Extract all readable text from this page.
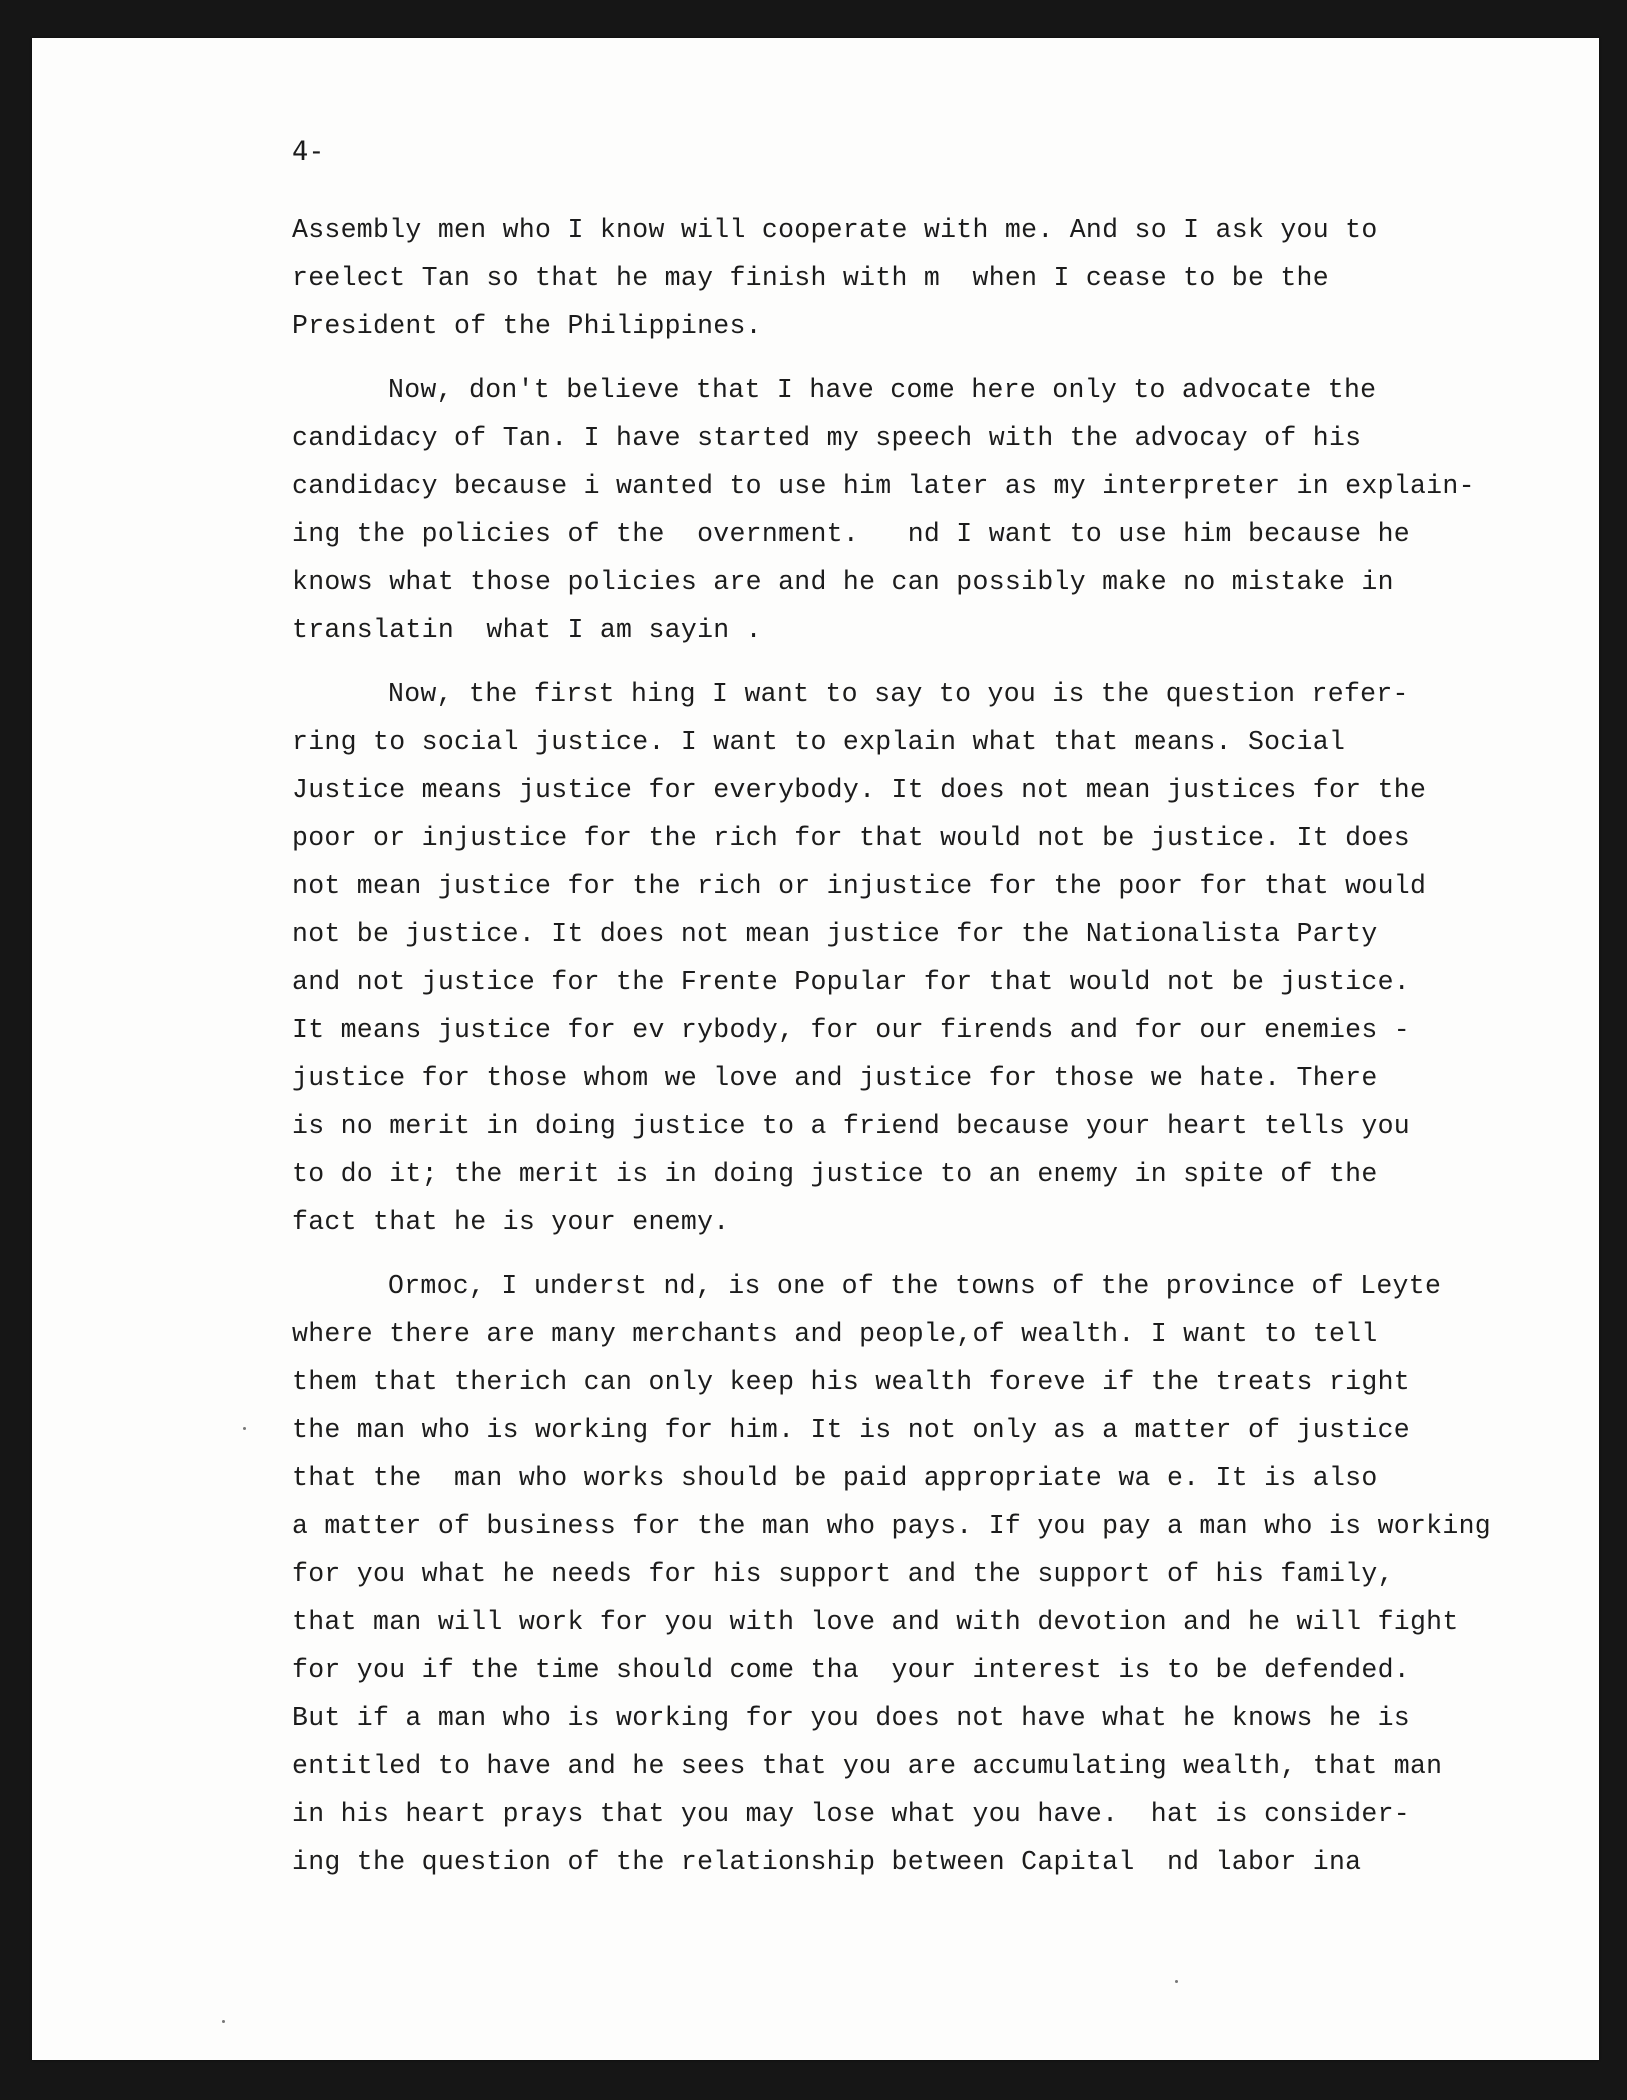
4-
Assembly men who I know will cooperate with me. And so I ask you to
reelect Tan so that he may finish with m  when I cease to be the
President of the Philippines.
Now, don't believe that I have come here only to advocate the
candidacy of Tan. I have started my speech with the advocay of his
candidacy because i wanted to use him later as my interpreter in explain-
ing the policies of the  overnment.   nd I want to use him because he
knows what those policies are and he can possibly make no mistake in
translatin  what I am sayin .
Now, the first hing I want to say to you is the question refer-
ring to social justice. I want to explain what that means. Social
Justice means justice for everybody. It does not mean justices for the
poor or injustice for the rich for that would not be justice. It does
not mean justice for the rich or injustice for the poor for that would
not be justice. It does not mean justice for the Nationalista Party
and not justice for the Frente Popular for that would not be justice.
It means justice for ev rybody, for our firends and for our enemies -
justice for those whom we love and justice for those we hate. There
is no merit in doing justice to a friend because your heart tells you
to do it; the merit is in doing justice to an enemy in spite of the
fact that he is your enemy.
Ormoc, I underst nd, is one of the towns of the province of Leyte
where there are many merchants and people,of wealth. I want to tell
them that therich can only keep his wealth foreve if the treats right
the man who is working for him. It is not only as a matter of justice
that the  man who works should be paid appropriate wa e. It is also
a matter of business for the man who pays. If you pay a man who is working
for you what he needs for his support and the support of his family,
that man will work for you with love and with devotion and he will fight
for you if the time should come tha  your interest is to be defended.
But if a man who is working for you does not have what he knows he is
entitled to have and he sees that you are accumulating wealth, that man
in his heart prays that you may lose what you have.  hat is consider-
ing the question of the relationship between Capital  nd labor ina
